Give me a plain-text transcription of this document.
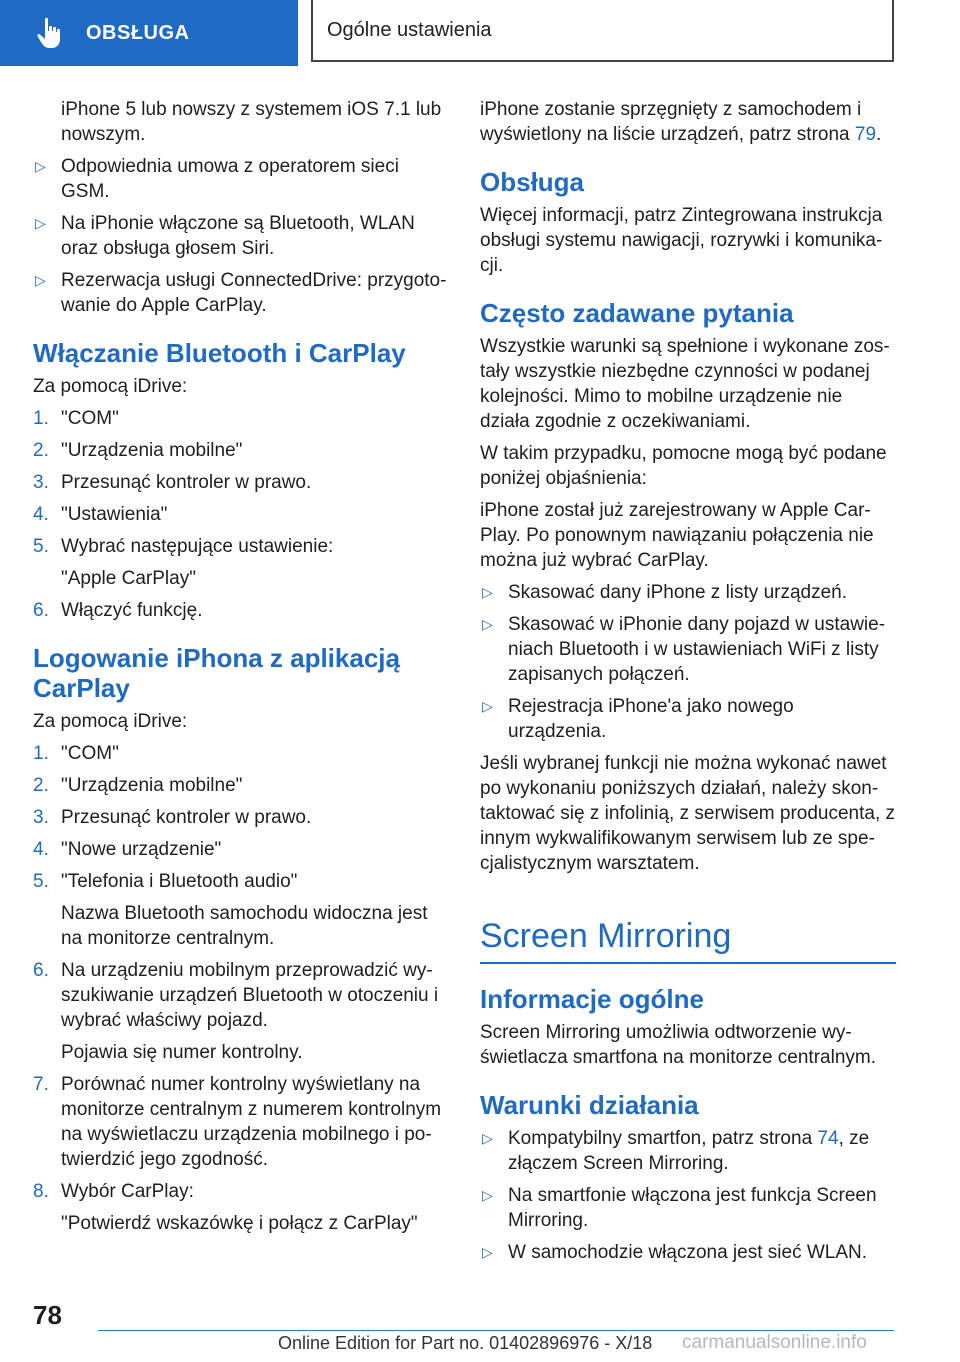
OBSŁUGA	Ogólne ustawienia

iPhone 5 lub nowszy z systemem iOS 7.1 lub nowszym.

▷ Odpowiednia umowa z operatorem sieci GSM.
▷ Na iPhonie włączone są Bluetooth, WLAN oraz obsługa głosem Siri.
▷ Rezerwacja usługi ConnectedDrive: przygoto-wanie do Apple CarPlay.
Włączanie Bluetooth i CarPlay

Za pomocą iDrive:

1. "COM"
2. "Urządzenia mobilne"
3. Przesunąć kontroler w prawo.
4. "Ustawienia"
5. Wybrać następujące ustawienie:

"Apple CarPlay"

6. Włączyć funkcję.
Logowanie iPhona z aplikacją CarPlay

Za pomocą iDrive:

1. "COM"
2. "Urządzenia mobilne"
3. Przesunąć kontroler w prawo.
4. "Nowe urządzenie"
5. "Telefonia i Bluetooth audio"

Nazwa Bluetooth samochodu widoczna jest na monitorze centralnym.

6. Na urządzeniu mobilnym przeprowadzić wy-szukiwanie urządzeń Bluetooth w otoczeniu i wybrać właściwy pojazd.

Pojawia się numer kontrolny.

7. Porównać numer kontrolny wyświetlany na monitorze centralnym z numerem kontrolnym na wyświetlaczu urządzenia mobilnego i po-twierdzić jego zgodność.
8. Wybór CarPlay:

"Potwierdź wskazówkę i połącz z CarPlay"

iPhone zostanie sprzęgnięty z samochodem i wyświetlony na liście urządzeń, patrz strona 79.

Obsługa

Więcej informacji, patrz Zintegrowana instrukcja obsługi systemu nawigacji, rozrywki i komunika-cji.

Często zadawane pytania

Wszystkie warunki są spełnione i wykonane zos-tały wszystkie niezbędne czynności w podanej kolejności. Mimo to mobilne urządzenie nie działa zgodnie z oczekiwaniami.

W takim przypadku, pomocne mogą być podane poniżej objaśnienia:

iPhone został już zarejestrowany w Apple Car-Play. Po ponownym nawiązaniu połączenia nie można już wybrać CarPlay.

▷ Skasować dany iPhone z listy urządzeń.
▷ Skasować w iPhonie dany pojazd w ustawie-niach Bluetooth i w ustawieniach WiFi z listy zapisanych połączeń.
▷ Rejestracja iPhone'a jako nowego urządzenia.

Jeśli wybranej funkcji nie można wykonać nawet po wykonaniu poniższych działań, należy skon-taktować się z infolinią, z serwisem producenta, z innym wykwalifikowanym serwisem lub ze spe-cjalistycznym warsztatem.

Screen Mirroring
Informacje ogólne

Screen Mirroring umożliwia odtworzenie wy-świetlacza smartfona na monitorze centralnym.

Warunki działania
▷ Kompatybilny smartfon, patrz strona 74, ze złączem Screen Mirroring.
▷ Na smartfonie włączona jest funkcja Screen Mirroring.
▷ W samochodzie włączona jest sieć WLAN.
78
Online Edition for Part no. 01402896976 - X/18 carmanualsonline.info
